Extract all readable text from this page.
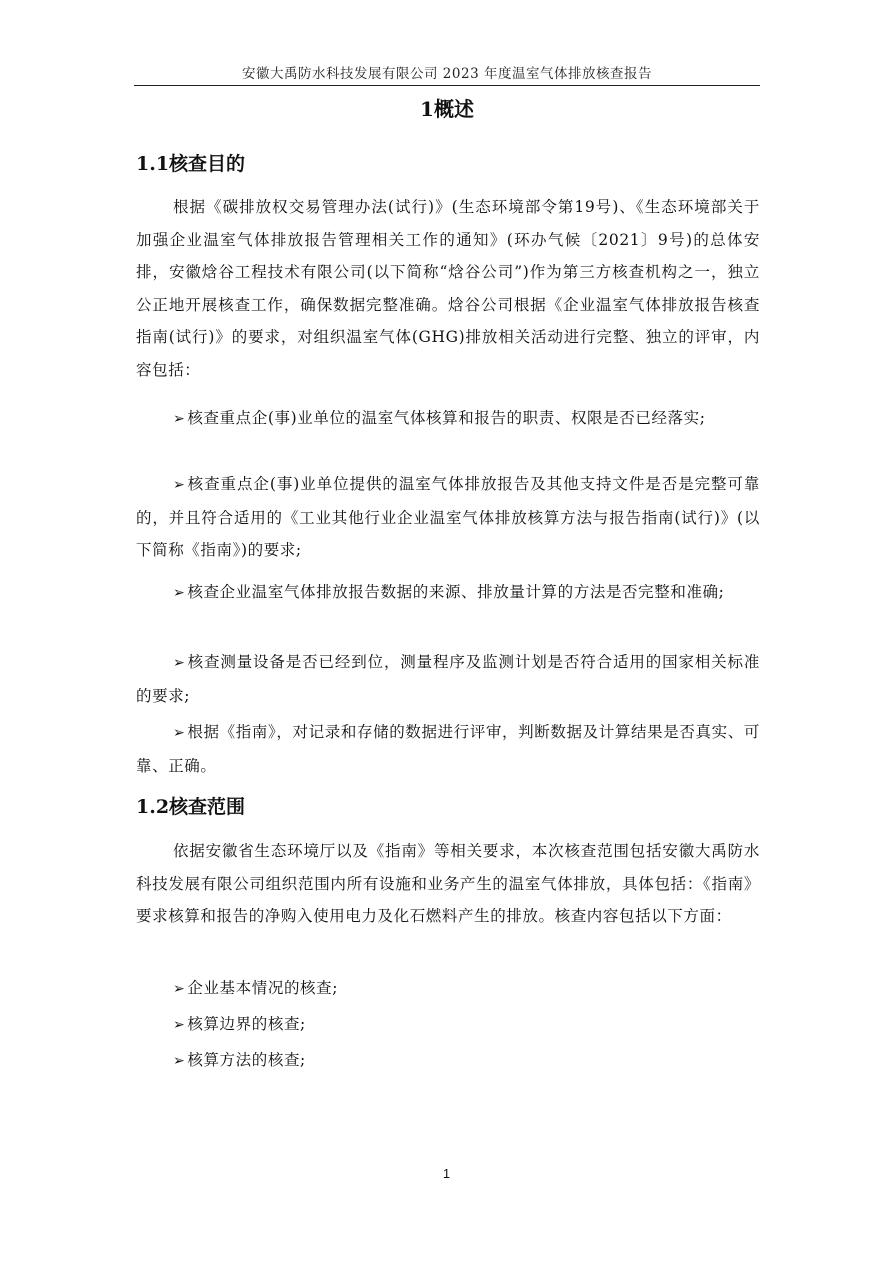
安徽大禹防水科技发展有限公司 2023 年度温室气体排放核查报告
1概述
1.1核查目的

根据《碳排放权交易管理办法(试行)》(生态环境部令第19号)、《生态环境部关于加强企业温室气体排放报告管理相关工作的通知》(环办气候〔2021〕9号)的总体安排，安徽焓谷工程技术有限公司(以下简称“焓谷公司”)作为第三方核查机构之一，独立公正地开展核查工作，确保数据完整准确。焓谷公司根据《企业温室气体排放报告核查指南(试行)》的要求，对组织温室气体(GHG)排放相关活动进行完整、独立的评审，内容包括：

➢ 核查重点企(事)业单位的温室气体核算和报告的职责、权限是否已经落实;

➢ 核查重点企(事)业单位提供的温室气体排放报告及其他支持文件是否是完整可靠的，并且符合适用的《工业其他行业企业温室气体排放核算方法与报告指南(试行)》(以下简称《指南》)的要求;

➢ 核查企业温室气体排放报告数据的来源、排放量计算的方法是否完整和准确;

➢ 核查测量设备是否已经到位，测量程序及监测计划是否符合适用的国家相关标准的要求;

➢ 根据《指南》，对记录和存储的数据进行评审，判断数据及计算结果是否真实、可靠、正确。

1.2核查范围

依据安徽省生态环境厅以及《指南》等相关要求，本次核查范围包括安徽大禹防水科技发展有限公司组织范围内所有设施和业务产生的温室气体排放，具体包括：《指南》要求核算和报告的净购入使用电力及化石燃料产生的排放。核查内容包括以下方面：

➢ 企业基本情况的核查;

➢ 核算边界的核查;

➢ 核算方法的核查;

1
